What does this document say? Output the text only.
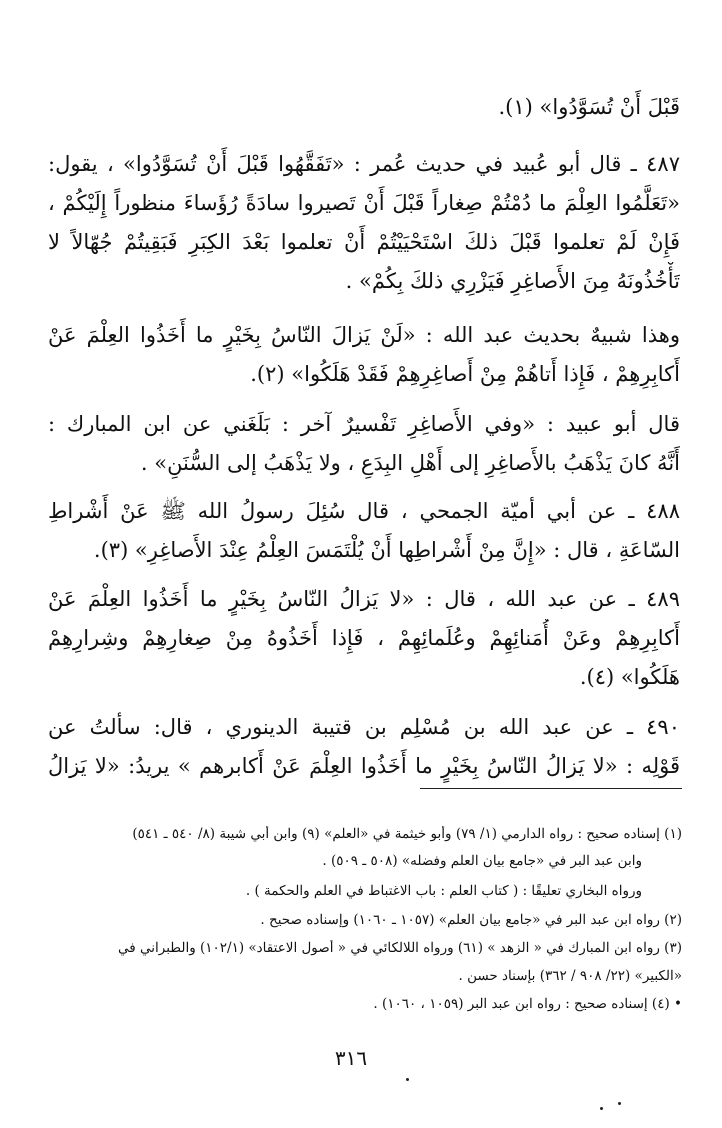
قَبْلَ أَنْ تُسَوَّدُوا» (١).
٤٨٧ ـ قال أبو عُبيد في حديث عُمر : «تَفَقَّهُوا قَبْلَ أَنْ تُسَوَّدُوا» ، يقول:
«تَعَلَّمُوا العِلْمَ ما دُمْتُمْ صِغاراً قَبْلَ أَنْ تَصيروا سادَةً رُؤَساءَ منظوراً إِلَيْكُمْ ،
فَإِنْ لَمْ تعلموا قَبْلَ ذلكَ اسْتَحْيَيْتُمْ أَنْ تعلموا بَعْدَ الكِبَرِ فَبَقِيتُمْ جُهّالاً لا
تَأْخُذُونَهُ مِنَ الأَصاغِرِ فَيَزْرِي ذلكَ بِكُمْ» .
وهذا شبيهٌ بحديث عبد الله : «لَنْ يَزالَ النّاسُ بِخَيْرٍ ما أَخَذُوا العِلْمَ عَنْ
أَكابِرِهِمْ ، فَإِذا أَتاهُمْ مِنْ أَصاغِرِهِمْ فَقَدْ هَلَكُوا» (٢).
قال أبو عبيد : «وفي الأَصاغِرِ تَفْسيرٌ آخر : بَلَغَني عن ابن المبارك :
أَنَّهُ كانَ يَذْهَبُ بالأَصاغِرِ إلى أَهْلِ البِدَعِ ، ولا يَذْهَبُ إلى السُّنَنِ» .
٤٨٨ ـ عن أبي أميّة الجمحي ، قال سُئِلَ رسولُ الله ﷺ عَنْ أَشْراطِ
السّاعَةِ ، قال : «إِنَّ مِنْ أَشْراطِها أَنْ يُلْتَمَسَ العِلْمُ عِنْدَ الأَصاغِرِ» (٣).
٤٨٩ ـ عن عبد الله ، قال : «لا يَزالُ النّاسُ بِخَيْرٍ ما أَخَذُوا العِلْمَ عَنْ
أَكابِرِهِمْ وعَنْ أُمَنائِهِمْ وعُلَمائِهِمْ ، فَإِذا أَخَذُوهُ مِنْ صِغارِهِمْ وشِرارِهِمْ
هَلَكُوا» (٤).
٤٩٠ ـ عن عبد الله بن مُسْلِم بن قتيبة الدينوري ، قال: سألتُ عن
قَوْلِه : «لا يَزالُ النّاسُ بِخَيْرٍ ما أَخَذُوا العِلْمَ عَنْ أَكابرهم » يريدُ: «لا يَزالُ
(١) إسناده صحيح : رواه الدارمي (١/ ٧٩) وأبو خيثمة في «العلم» (٩) وابن أبي شيبة (٨/ ٥٤٠ ـ ٥٤١)
وابن عبد البر في «جامع بيان العلم وفضله» (٥٠٨ ـ ٥٠٩) .
ورواه البخاري تعليقًا : ( كتاب العلم : باب الاغتباط في العلم والحكمة ) .
(٢) رواه ابن عبد البر في «جامع بيان العلم» (١٠٥٧ ـ ١٠٦٠) وإسناده صحيح .
(٣) رواه ابن المبارك في « الزهد » (٦١) ورواه اللالكائي في « أصول الاعتقاد» (١٠٢/١) والطبراني في
«الكبير» (٢٢/ ٩٠٨ / ٣٦٢) بإسناد حسن .
• (٤) إسناده صحيح : رواه ابن عبد البر (١٠٥٩ ، ١٠٦٠) .
٣١٦
